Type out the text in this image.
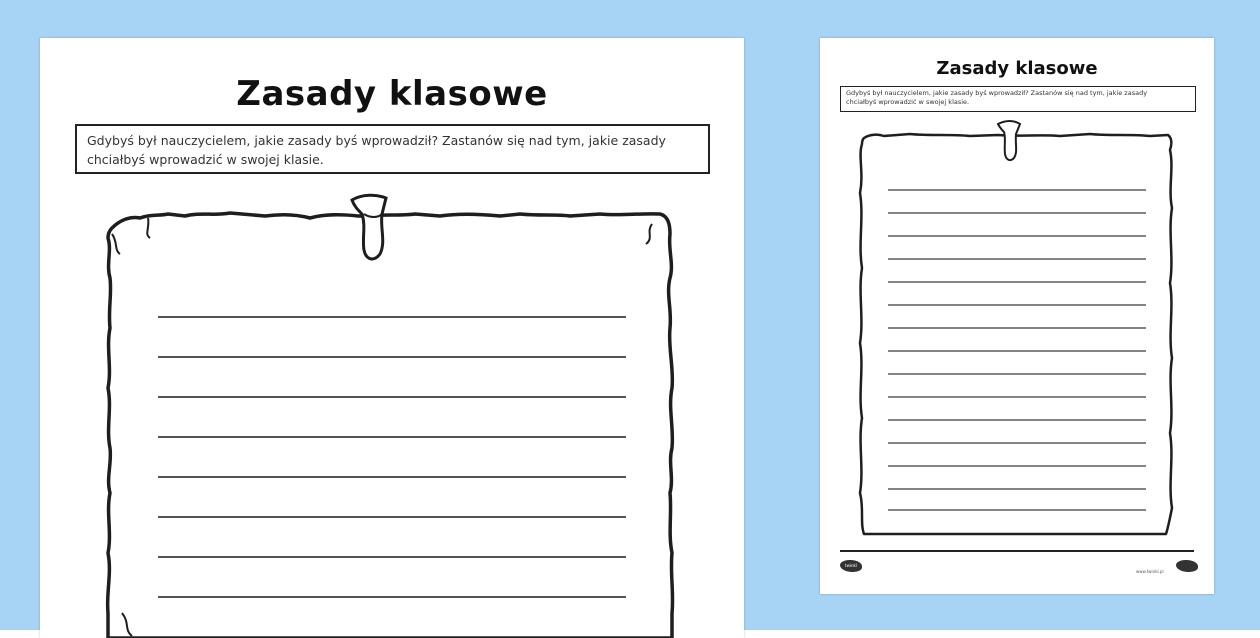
Zasady klasowe
Gdybyś był nauczycielem, jakie zasady byś wprowadził? Zastanów się nad tym, jakie zasady
chciałbyś wprowadzić w swojej klasie.
Zasady klasowe
Gdybyś był nauczycielem, jakie zasady byś wprowadził? Zastanów się nad tym, jakie zasady
chciałbyś wprowadzić w swojej klasie.
twinkl
www.twinkl.pl
